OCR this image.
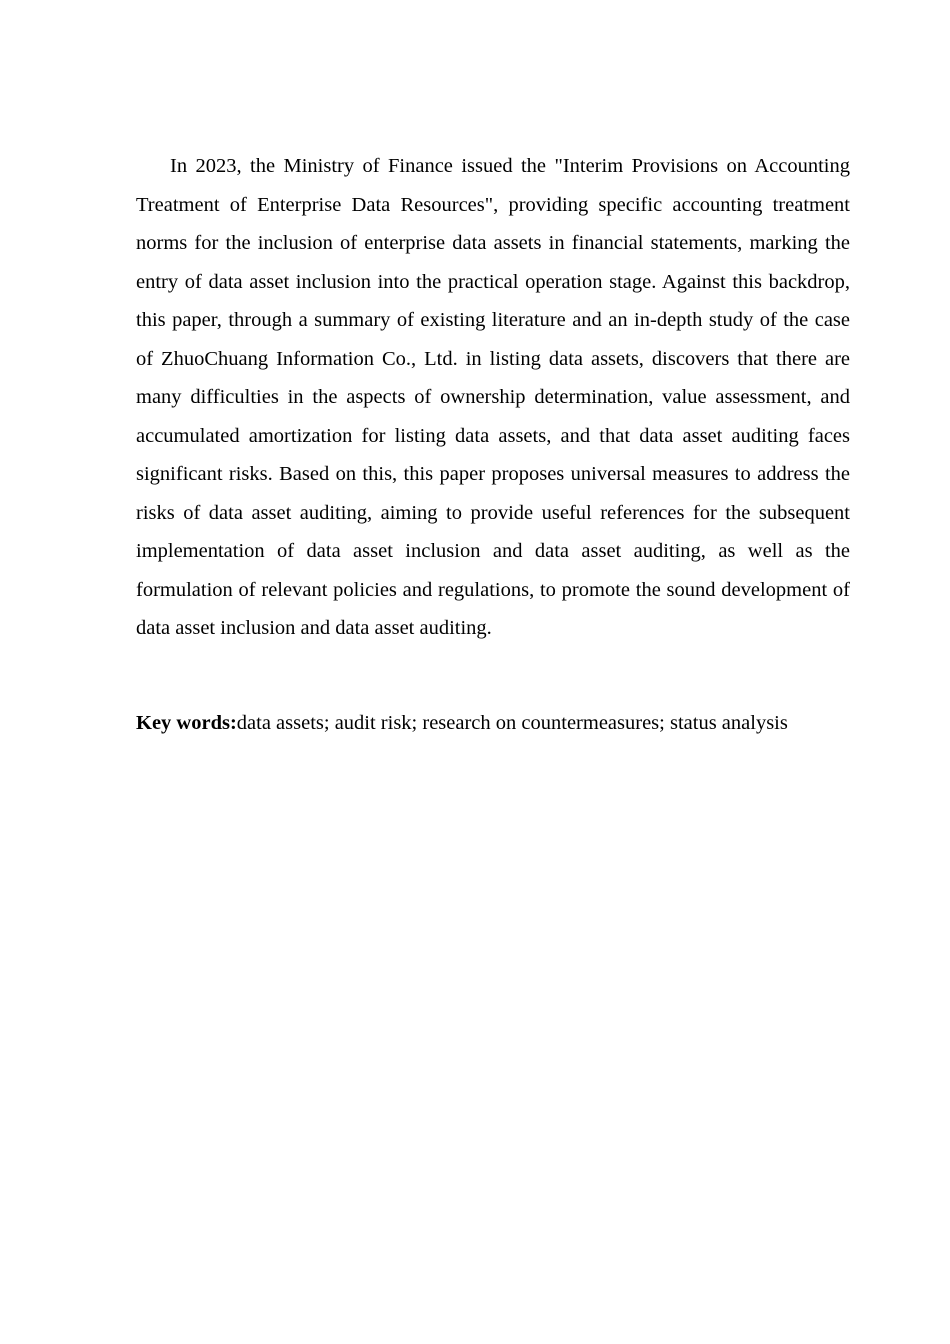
In 2023, the Ministry of Finance issued the "Interim Provisions on Accounting Treatment of Enterprise Data Resources", providing specific accounting treatment norms for the inclusion of enterprise data assets in financial statements, marking the entry of data asset inclusion into the practical operation stage. Against this backdrop, this paper, through a summary of existing literature and an in-depth study of the case of ZhuoChuang Information Co., Ltd. in listing data assets, discovers that there are many difficulties in the aspects of ownership determination, value assessment, and accumulated amortization for listing data assets, and that data asset auditing faces significant risks. Based on this, this paper proposes universal measures to address the risks of data asset auditing, aiming to provide useful references for the subsequent implementation of data asset inclusion and data asset auditing, as well as the formulation of relevant policies and regulations, to promote the sound development of data asset inclusion and data asset auditing.

Key words:data assets; audit risk; research on countermeasures; status analysis
